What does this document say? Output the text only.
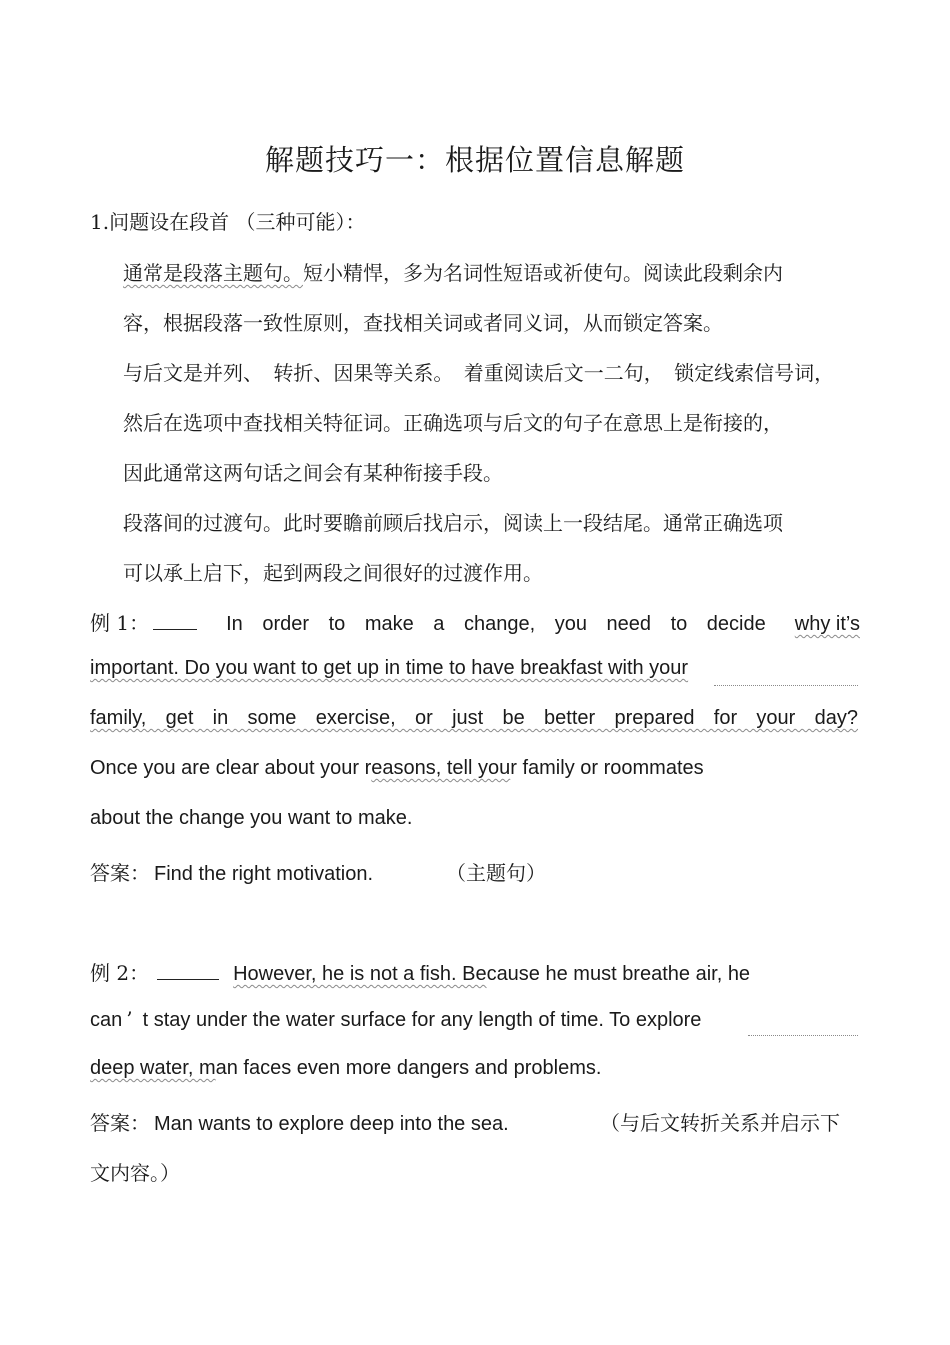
解题技巧一：根据位置信息解题
1.问题设在段首 （三种可能）：
通常是段落主题句。短小精悍，多为名词性短语或祈使句。阅读此段剩余内
容，根据段落一致性原则，查找相关词或者同义词，从而锁定答案。
与后文是并列、 转折、因果等关系。 着重阅读后文一二句， 锁定线索信号词，
然后在选项中查找相关特征词。正确选项与后文的句子在意思上是衔接的，
因此通常这两句话之间会有某种衔接手段。
段落间的过渡句。此时要瞻前顾后找启示，阅读上一段结尾。通常正确选项
可以承上启下，起到两段之间很好的过渡作用。
例 1：	In order to make a change, you need to decide why it’s
important. Do you want to get up in time to have breakfast with your
family, get in some exercise, or just be better prepared for your day?
Once you are clear about your reasons, tell your family or roommates
about the change you want to make.
答案： Find the right motivation.	（主题句）
例 2：	However, he is not a fish. Be cause he must breathe air, he
can ’ t stay under the water surface for any length of time. To explore
deep water, man faces even more dangers and problems.
答案： Man wants to explore deep into the sea.	（与后文转折关系并启示下
文内容。）
